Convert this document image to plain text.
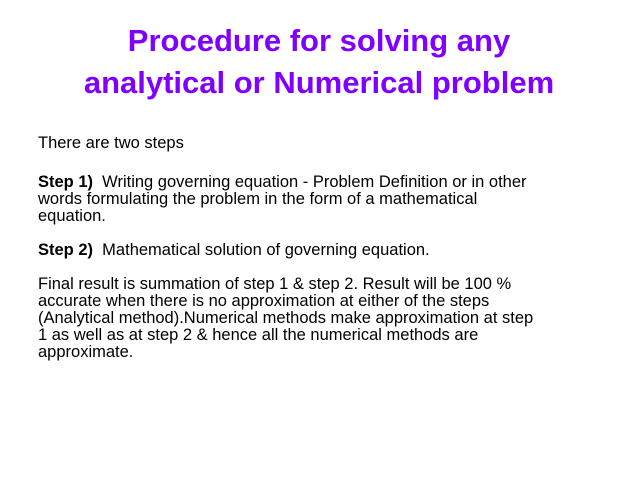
Procedure for solving any
analytical or Numerical problem

There are two steps

Step 1)  Writing governing equation - Problem Definition or in other
words formulating the problem in the form of a mathematical
equation.

Step 2)  Mathematical solution of governing equation.

Final result is summation of step 1 & step 2. Result will be 100 %
accurate when there is no approximation at either of the steps
(Analytical method).Numerical methods make approximation at step
1 as well as at step 2 & hence all the numerical methods are
approximate.
